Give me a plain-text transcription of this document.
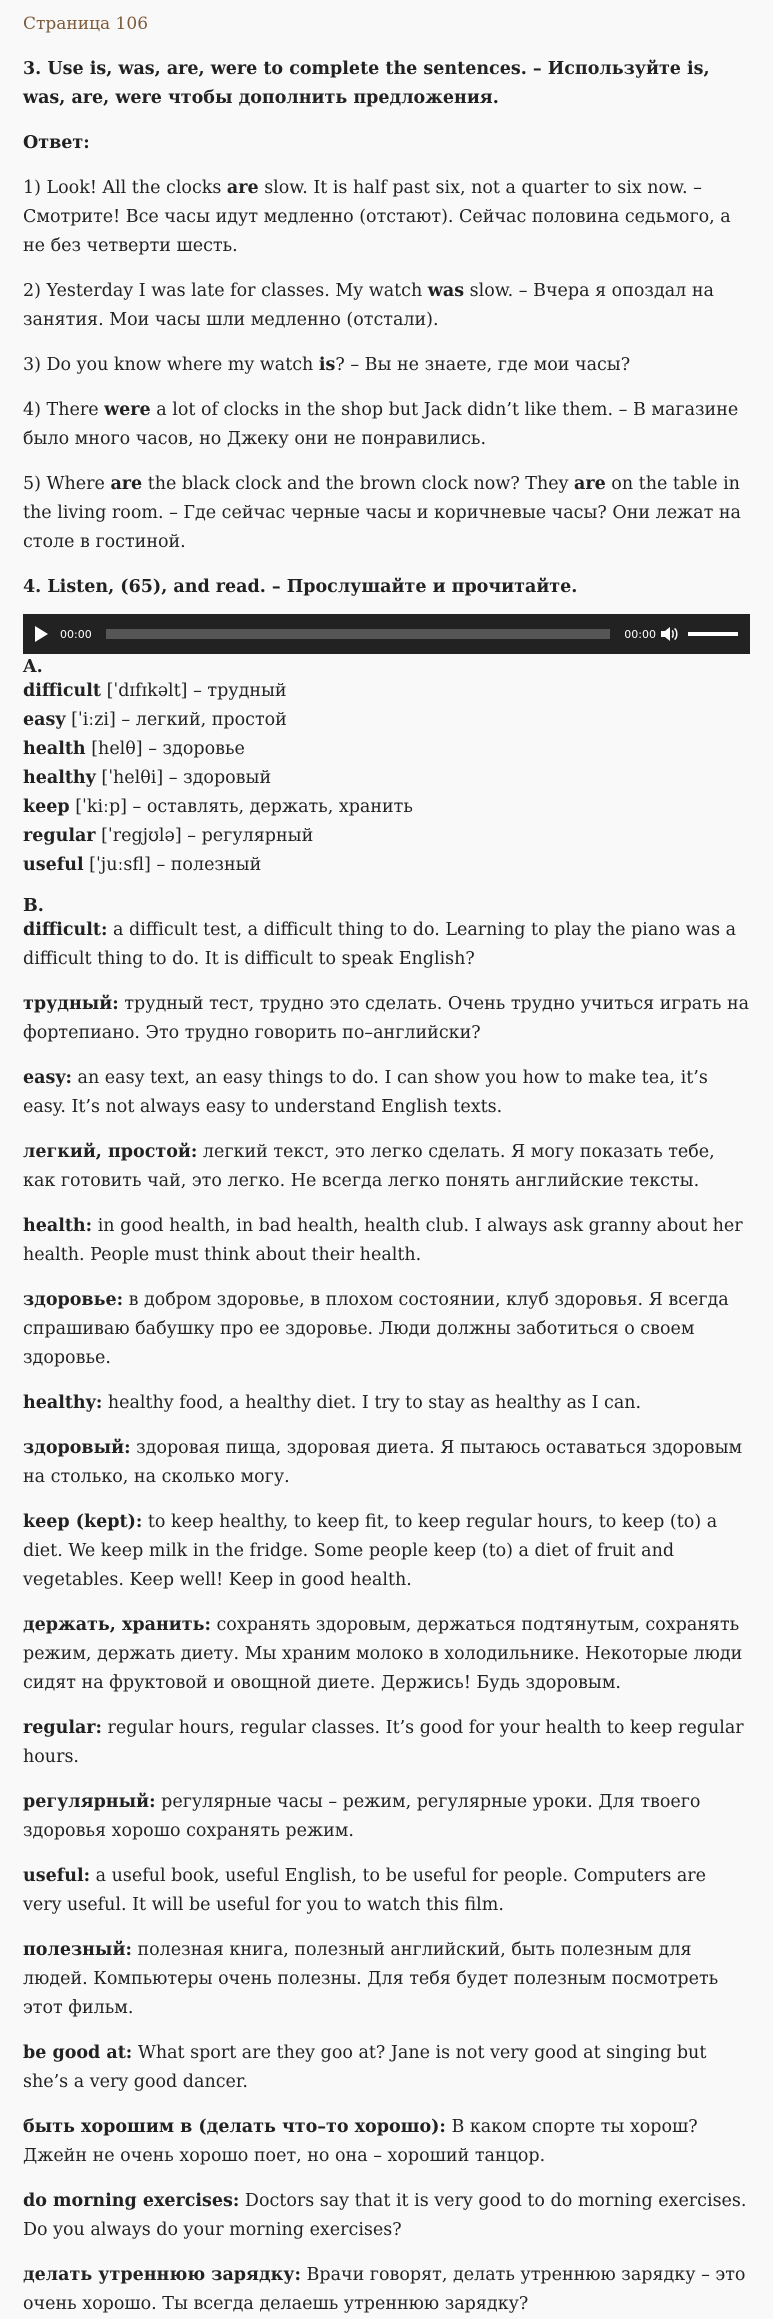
Страница 106

3. Use is, was, are, were to complete the sentences. – Используйте is, was, are, were чтобы дополнить предложения.

Ответ:

1) Look! All the clocks are slow. It is half past six, not a quarter to six now. – Смотрите! Все часы идут медленно (отстают). Сейчас половина седьмого, а не без четверти шесть.

2) Yesterday I was late for classes. My watch was slow. – Вчера я опоздал на занятия. Мои часы шли медленно (отстали).

3) Do you know where my watch is? – Вы не знаете, где мои часы?

4) There were a lot of clocks in the shop but Jack didn’t like them. – В магазине было много часов, но Джеку они не понравились.

5) Where are the black clock and the brown clock now? They are on the table in the living room. – Где сейчас черные часы и коричневые часы? Они лежат на столе в гостиной.

4. Listen, (65), and read. – Прослушайте и прочитайте.

00:00	00:00
A.
difficult [ˈdɪfɪkəlt] – трудный
easy [ˈiːzi] – легкий, простой
health [helθ] – здоровье
healthy [ˈhelθi] – здоровый
keep [ˈkiːp] – оставлять, держать, хранить
regular [ˈregjʊlə] – регулярный
useful [ˈjuːsfl] – полезный
B.

difficult: a difficult test, a difficult thing to do. Learning to play the piano was a difficult thing to do. It is difficult to speak English?

трудный: трудный тест, трудно это сделать. Очень трудно учиться играть на фортепиано. Это трудно говорить по–английски?

easy: an easy text, an easy things to do. I can show you how to make tea, it’s easy. It’s not always easy to understand English texts.

легкий, простой: легкий текст, это легко сделать. Я могу показать тебе, как готовить чай, это легко. Не всегда легко понять английские тексты.

health: in good health, in bad health, health club. I always ask granny about her health. People must think about their health.

здоровье: в добром здоровье, в плохом состоянии, клуб здоровья. Я всегда спрашиваю бабушку про ее здоровье. Люди должны заботиться о своем здоровье.

healthy: healthy food, a healthy diet. I try to stay as healthy as I can.

здоровый: здоровая пища, здоровая диета. Я пытаюсь оставаться здоровым на столько, на сколько могу.

keep (kept): to keep healthy, to keep fit, to keep regular hours, to keep (to) a diet. We keep milk in the fridge. Some people keep (to) a diet of fruit and vegetables. Keep well! Keep in good health.

держать, хранить: сохранять здоровым, держаться подтянутым, сохранять режим, держать диету. Мы храним молоко в холодильнике. Некоторые люди сидят на фруктовой и овощной диете. Держись! Будь здоровым.

regular: regular hours, regular classes. It’s good for your health to keep regular hours.

регулярный: регулярные часы – режим, регулярные уроки. Для твоего здоровья хорошо сохранять режим.

useful: a useful book, useful English, to be useful for people. Computers are very useful. It will be useful for you to watch this film.

полезный: полезная книга, полезный английский, быть полезным для людей. Компьютеры очень полезны. Для тебя будет полезным посмотреть этот фильм.

be good at: What sport are they goo at? Jane is not very good at singing but she’s a very good dancer.

быть хорошим в (делать что–то хорошо): В каком спорте ты хорош? Джейн не очень хорошо поет, но она – хороший танцор.

do morning exercises: Doctors say that it is very good to do morning exercises. Do you always do your morning exercises?

делать утреннюю зарядку: Врачи говорят, делать утреннюю зарядку – это очень хорошо. Ты всегда делаешь утреннюю зарядку?
